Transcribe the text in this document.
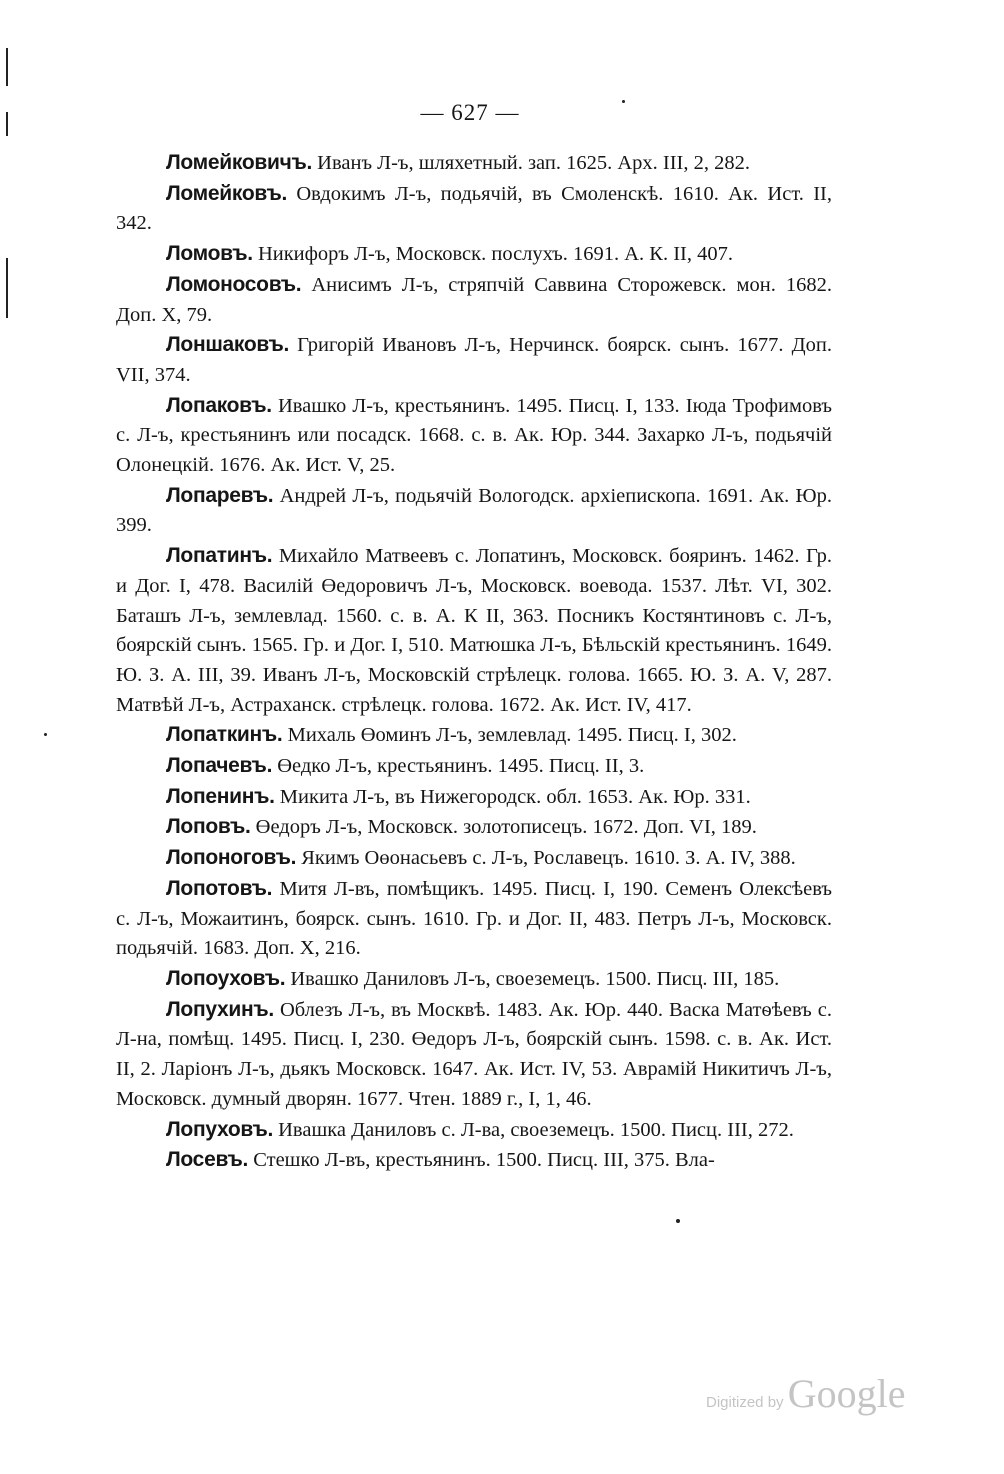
— 627 —

Ломейковичъ. Иванъ Л-ъ, шляхетный. зап. 1625. Арх. III, 2, 282.

Ломейковъ. Овдокимъ Л-ъ, подьячій, въ Смоленскѣ. 1610. Ак. Ист. II, 342.

Ломовъ. Никифоръ Л-ъ, Московск. послухъ. 1691. А. К. II, 407.

Ломоносовъ. Анисимъ Л-ъ, стряпчій Саввина Сторожевск. мон. 1682. Доп. X, 79.

Лоншаковъ. Григорій Ивановъ Л-ъ, Нерчинск. боярск. сынъ. 1677. Доп. VII, 374.

Лопаковъ. Ивашко Л-ъ, крестьянинъ. 1495. Писц. I, 133. Іюда Трофимовъ с. Л-ъ, крестьянинъ или посадск. 1668. с. в. Ак. Юр. 344. Захарко Л-ъ, подьячій Олонецкій. 1676. Ак. Ист. V, 25.

Лопаревъ. Андрей Л-ъ, подьячій Вологодск. архіепископа. 1691. Ак. Юр. 399.

Лопатинъ. Михайло Матвеевъ с. Лопатинъ, Московск. бояринъ. 1462. Гр. и Дог. I, 478. Василій Өедоровичъ Л-ъ, Московск. воевода. 1537. Лѣт. VI, 302. Баташъ Л-ъ, землевлад. 1560. с. в. А. К II, 363. Посникъ Костянтиновъ с. Л-ъ, боярскій сынъ. 1565. Гр. и Дог. I, 510. Матюшка Л-ъ, Бѣльскій крестьянинъ. 1649. Ю. З. А. III, 39. Иванъ Л-ъ, Московскій стрѣлецк. голова. 1665. Ю. З. А. V, 287. Матвѣй Л-ъ, Астраханск. стрѣлецк. голова. 1672. Ак. Ист. IV, 417.

Лопаткинъ. Михаль Өоминъ Л-ъ, землевлад. 1495. Писц. I, 302.

Лопачевъ. Өедко Л-ъ, крестьянинъ. 1495. Писц. II, 3.

Лопенинъ. Микита Л-ъ, въ Нижегородск. обл. 1653. Ак. Юр. 331.

Лоповъ. Өедоръ Л-ъ, Московск. золотописецъ. 1672. Доп. VI, 189.

Лопоноговъ. Якимъ Оөонасьевъ с. Л-ъ, Рославецъ. 1610. З. А. IV, 388.

Лопотовъ. Митя Л-въ, помѣщикъ. 1495. Писц. I, 190. Семенъ Олексѣевъ с. Л-ъ, Можаитинъ, боярск. сынъ. 1610. Гр. и Дог. II, 483. Петръ Л-ъ, Московск. подьячій. 1683. Доп. X, 216.

Лопоуховъ. Ивашко Даниловъ Л-ъ, своеземецъ. 1500. Писц. III, 185.

Лопухинъ. Облезъ Л-ъ, въ Москвѣ. 1483. Ак. Юр. 440. Васка Матѳѣевъ с. Л-на, помѣщ. 1495. Писц. I, 230. Өедоръ Л-ъ, боярскій сынъ. 1598. с. в. Ак. Ист. II, 2. Ларіонъ Л-ъ, дьякъ Московск. 1647. Ак. Ист. IV, 53. Аврамій Никитичъ Л-ъ, Московск. думный дворян. 1677. Чтен. 1889 г., I, 1, 46.

Лопуховъ. Ивашка Даниловъ с. Л-ва, своеземецъ. 1500. Писц. III, 272.

Лосевъ. Стешко Л-въ, крестьянинъ. 1500. Писц. III, 375. Вла-

Digitized by Google
